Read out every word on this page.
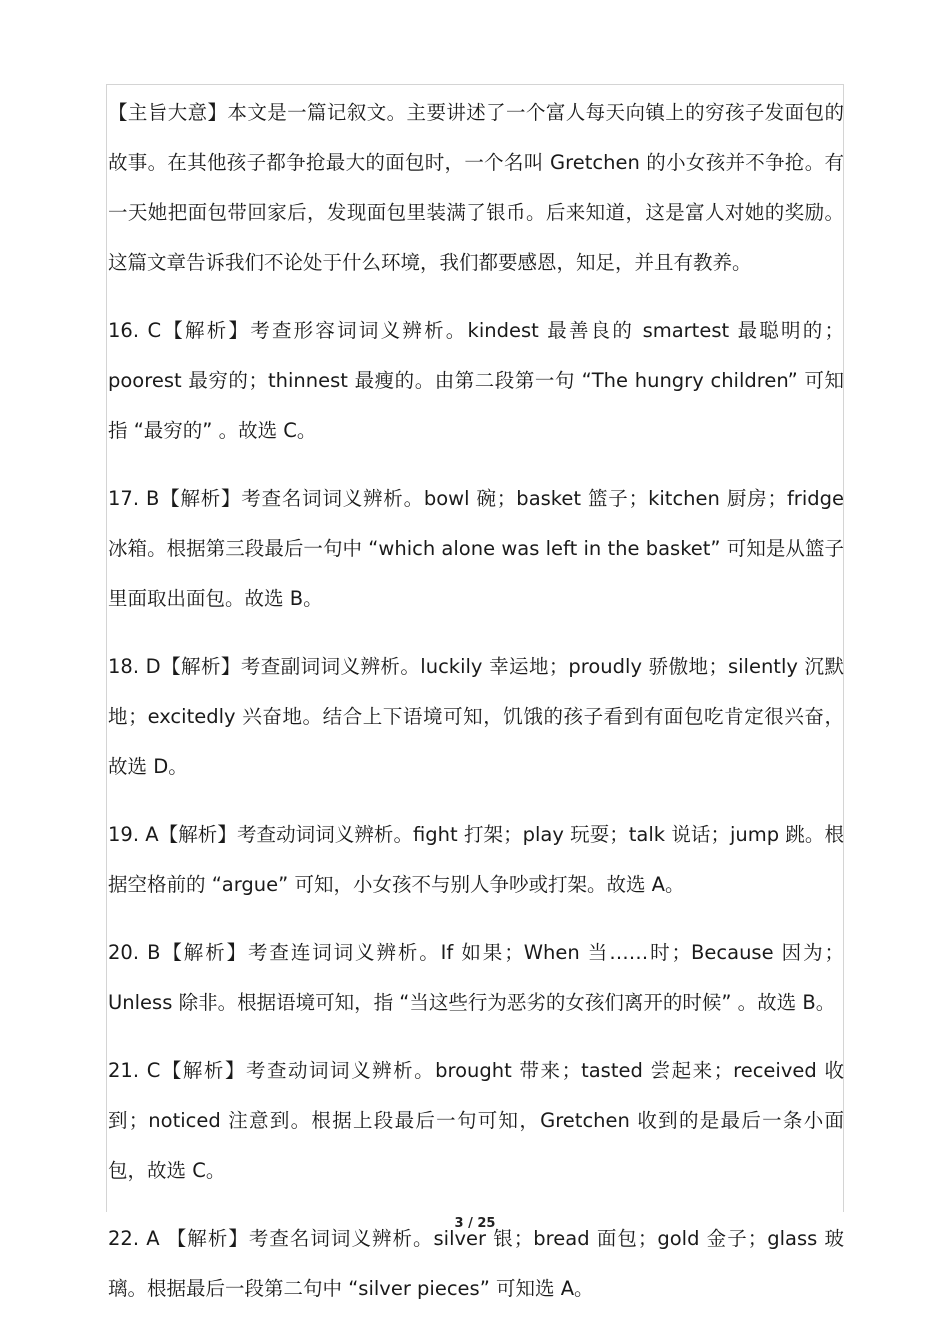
【主旨大意】本文是一篇记叙文。主要讲述了一个富人每天向镇上的穷孩子发面包的故事。在其他孩子都争抢最大的面包时，一个名叫 Gretchen 的小女孩并不争抢。有一天她把面包带回家后，发现面包里装满了银币。后来知道，这是富人对她的奖励。这篇文章告诉我们不论处于什么环境，我们都要感恩，知足，并且有教养。

16. C【解析】考查形容词词义辨析。kindest 最善良的 smartest 最聪明的；poorest 最穷的；thinnest 最瘦的。由第二段第一句 “The hungry children” 可知指 “最穷的” 。故选 C。

17. B【解析】考查名词词义辨析。bowl 碗；basket 篮子；kitchen 厨房；fridge 冰箱。根据第三段最后一句中 “which alone was left in the basket” 可知是从篮子里面取出面包。故选 B。

18. D【解析】考查副词词义辨析。luckily 幸运地；proudly 骄傲地；silently 沉默地；excitedly 兴奋地。结合上下语境可知，饥饿的孩子看到有面包吃肯定很兴奋，故选 D。

19. A【解析】考查动词词义辨析。fight 打架；play 玩耍；talk 说话；jump 跳。根据空格前的 “argue” 可知，小女孩不与别人争吵或打架。故选 A。

20. B【解析】考查连词词义辨析。If 如果；When 当……时；Because 因为；Unless 除非。根据语境可知，指 “当这些行为恶劣的女孩们离开的时候” 。故选 B。

21. C【解析】考查动词词义辨析。brought 带来；tasted 尝起来；received 收到；noticed 注意到。根据上段最后一句可知，Gretchen 收到的是最后一条小面包，故选 C。

22. A 【解析】考查名词词义辨析。silver 银；bread 面包；gold 金子；glass 玻璃。根据最后一段第二句中 “silver pieces” 可知选 A。

3 / 25
